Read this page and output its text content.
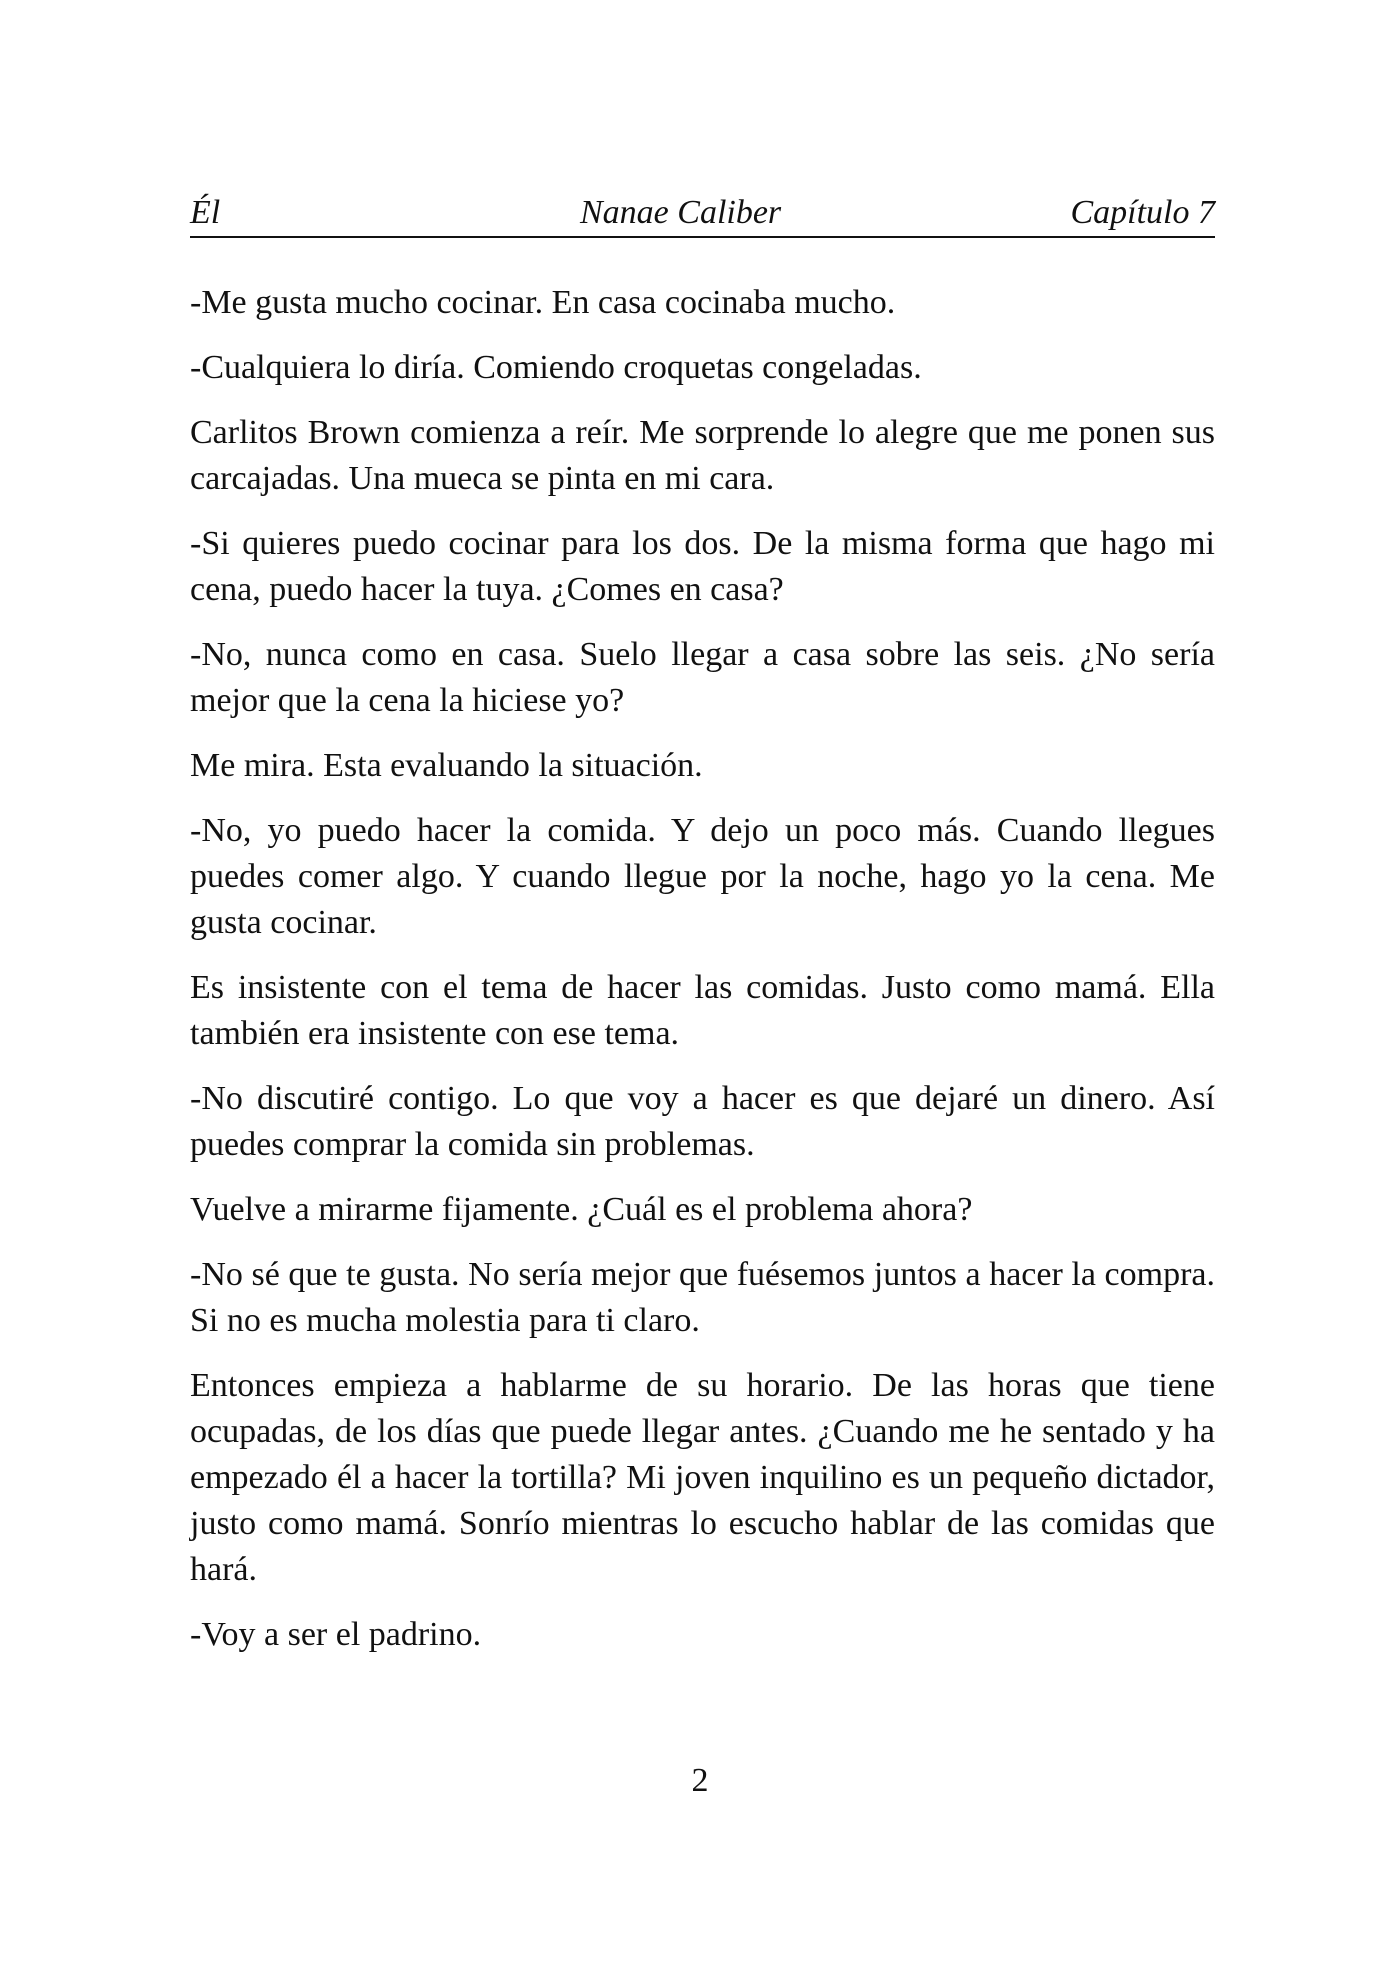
Él	Nanae Caliber	Capítulo 7

-Me gusta mucho cocinar. En casa cocinaba mucho.

-Cualquiera lo diría. Comiendo croquetas congeladas.

Carlitos Brown comienza a reír. Me sorprende lo alegre que me ponen sus carcajadas. Una mueca se pinta en mi cara.

-Si quieres puedo cocinar para los dos. De la misma forma que hago mi cena, puedo hacer la tuya. ¿Comes en casa?

-No, nunca como en casa. Suelo llegar a casa sobre las seis. ¿No sería mejor que la cena la hiciese yo?

Me mira. Esta evaluando la situación.

-No, yo puedo hacer la comida. Y dejo un poco más. Cuando llegues puedes comer algo. Y cuando llegue por la noche, hago yo la cena. Me gusta cocinar.

Es insistente con el tema de hacer las comidas. Justo como mamá. Ella también era insistente con ese tema.

-No discutiré contigo. Lo que voy a hacer es que dejaré un dinero. Así puedes comprar la comida sin problemas.

Vuelve a mirarme fijamente. ¿Cuál es el problema ahora?

-No sé que te gusta. No sería mejor que fuésemos juntos a hacer la compra. Si no es mucha molestia para ti claro.

Entonces empieza a hablarme de su horario. De las horas que tiene ocupadas, de los días que puede llegar antes. ¿Cuando me he sentado y ha empezado él a hacer la tortilla? Mi joven inquilino es un pequeño dictador, justo como mamá. Sonrío mientras lo escucho hablar de las comidas que hará.

-Voy a ser el padrino.

2
